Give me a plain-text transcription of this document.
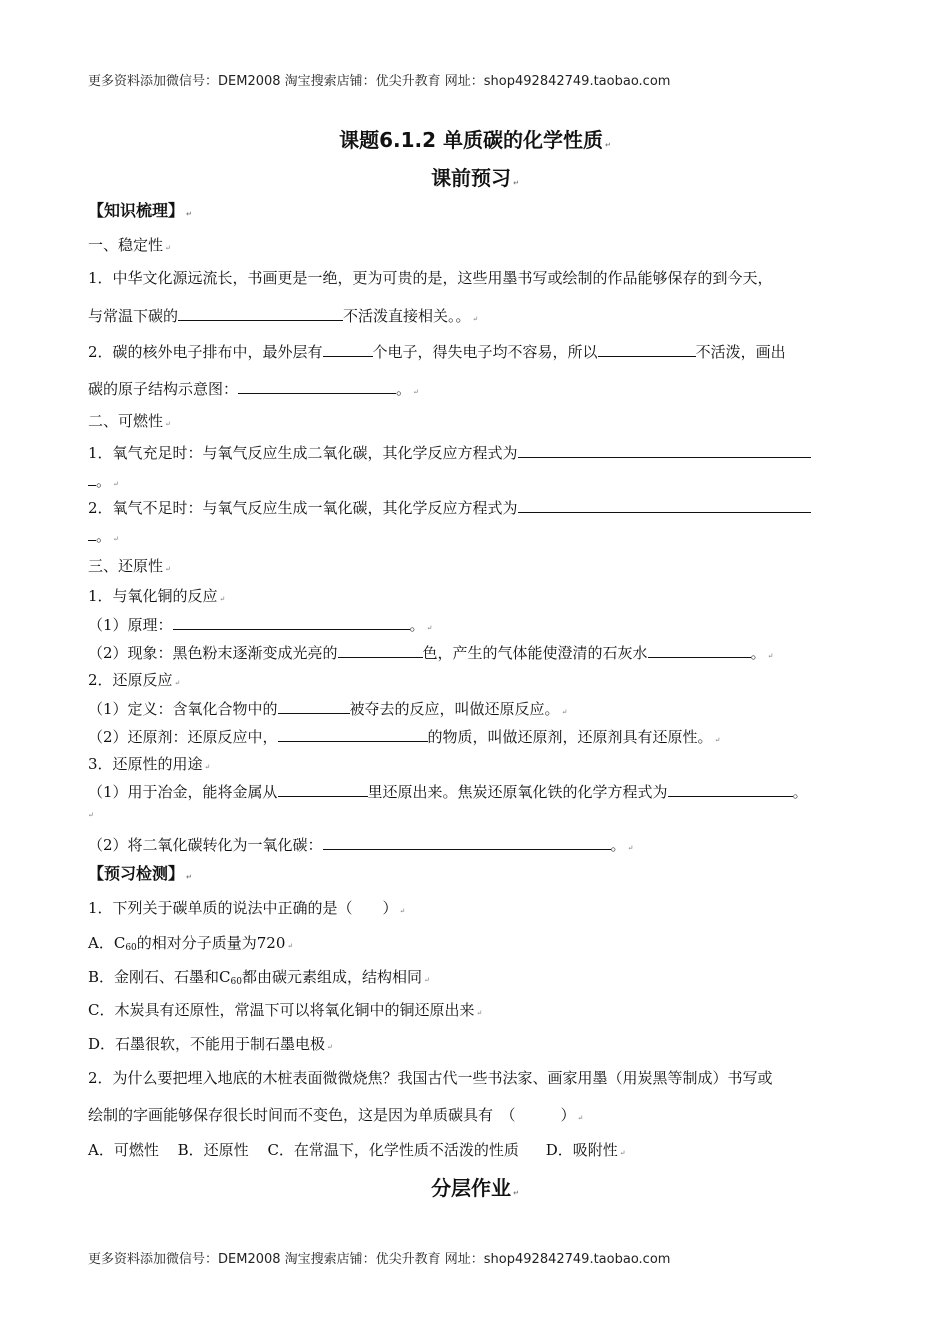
更多资料添加微信号：DEM2008 淘宝搜索店铺：优尖升教育 网址：shop492842749.taobao.com
课题6.1.2 单质碳的化学性质 ↵
课前预习 ↵
【知识梳理】 ↵
一、稳定性 ↵
1．中华文化源远流长，书画更是一绝，更为可贵的是，这些用墨书写或绘制的作品能够保存的到今天，
与常温下碳的	不活泼直接相关。。 ↵
2．碳的核外电子排布中，最外层有	个电子，得失电子均不容易，所以	不活泼，画出
碳的原子结构示意图：	。 ↵
二、可燃性 ↵
1．氧气充足时：与氧气反应生成二氧化碳，其化学反应方程式为
。 ↵
2．氧气不足时：与氧气反应生成一氧化碳，其化学反应方程式为
。 ↵
三、还原性 ↵
1．与氧化铜的反应 ↵
（1）原理：	。 ↵
（2）现象：黑色粉末逐渐变成光亮的	色，产生的气体能使澄清的石灰水	。 ↵
2．还原反应 ↵
（1）定义：含氧化合物中的	被夺去的反应，叫做还原反应。 ↵
（2）还原剂：还原反应中，	的物质，叫做还原剂，还原剂具有还原性。 ↵
3．还原性的用途 ↵
（1）用于冶金，能将金属从	里还原出来。焦炭还原氧化铁的化学方程式为	。
↵
（2）将二氧化碳转化为一氧化碳：	。 ↵
【预习检测】 ↵
1．下列关于碳单质的说法中正确的是（　　） ↵
A．$C_{60}$的相对分子质量为720 ↵
B．金刚石、石墨和$C_{60}$都由碳元素组成，结构相同 ↵
C．木炭具有还原性，常温下可以将氧化铜中的铜还原出来 ↵
D．石墨很软，不能用于制石墨电极 ↵
2．为什么要把埋入地底的木桩表面微微烧焦？我国古代一些书法家、画家用墨（用炭黑等制成）书写或
绘制的字画能够保存很长时间而不变色，这是因为单质碳具有　（　　　） ↵
A．可燃性 B．还原性 C．在常温下，化学性质不活泼的性质 D．吸附性 ↵
分层作业 ↵
更多资料添加微信号：DEM2008 淘宝搜索店铺：优尖升教育 网址：shop492842749.taobao.com
